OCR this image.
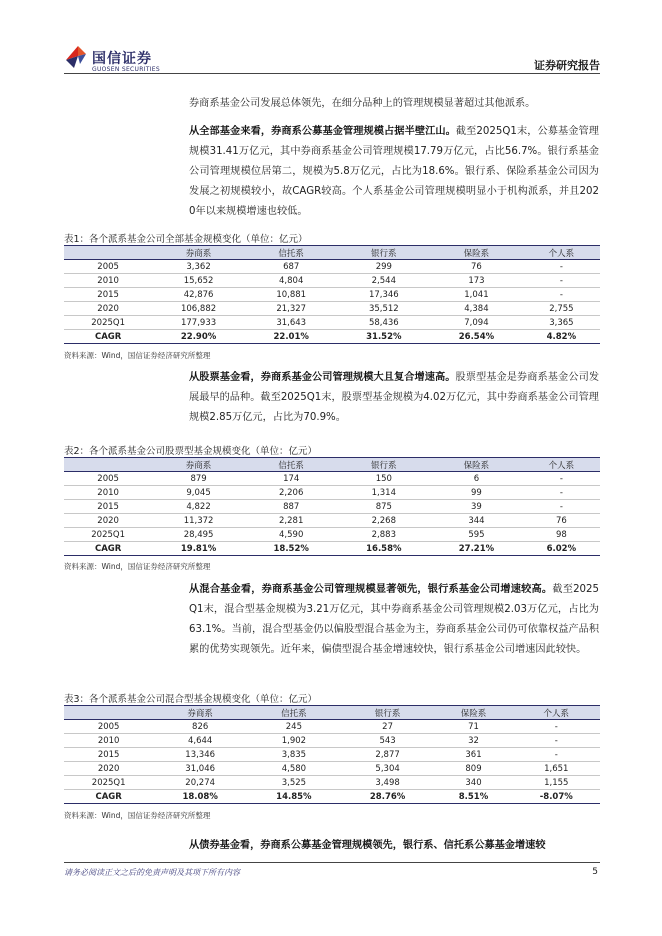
国信证券
GUOSEN SECURITIES	证券研究报告
券商系基金公司发展总体领先，在细分品种上的管理规模显著超过其他派系。
从全部基金来看，券商系公募基金管理规模占据半壁江山。截至2025Q1末，公募基金管理规模31.41万亿元，其中券商系基金公司管理规模17.79万亿元，占比56.7%。银行系基金公司管理规模位居第二，规模为5.8万亿元，占比为18.6%。银行系、保险系基金公司因为发展之初规模较小，故CAGR较高。个人系基金公司管理规模明显小于机构派系，并且2020年以来规模增速也较低。
表1：各个派系基金公司全部基金规模变化（单位：亿元）
	券商系	信托系	银行系	保险系	个人系
2005	3,362	687	299	76	-
2010	15,652	4,804	2,544	173	-
2015	42,876	10,881	17,346	1,041	-
2020	106,882	21,327	35,512	4,384	2,755
2025Q1	177,933	31,643	58,436	7,094	3,365
CAGR	22.90%	22.01%	31.52%	26.54%	4.82%
资料来源：Wind，国信证券经济研究所整理
从股票基金看，券商系基金公司管理规模大且复合增速高。股票型基金是券商系基金公司发展最早的品种。截至2025Q1末，股票型基金规模为4.02万亿元，其中券商系基金公司管理规模2.85万亿元，占比为70.9%。
表2：各个派系基金公司股票型基金规模变化（单位：亿元）
	券商系	信托系	银行系	保险系	个人系
2005	879	174	150	6	-
2010	9,045	2,206	1,314	99	-
2015	4,822	887	875	39	-
2020	11,372	2,281	2,268	344	76
2025Q1	28,495	4,590	2,883	595	98
CAGR	19.81%	18.52%	16.58%	27.21%	6.02%
资料来源：Wind，国信证券经济研究所整理
从混合基金看，券商系基金公司管理规模显著领先，银行系基金公司增速较高。截至2025Q1末，混合型基金规模为3.21万亿元，其中券商系基金公司管理规模2.03万亿元，占比为63.1%。当前，混合型基金仍以偏股型混合基金为主，券商系基金公司仍可依靠权益产品积累的优势实现领先。近年来，偏债型混合基金增速较快，银行系基金公司增速因此较快。
表3：各个派系基金公司混合型基金规模变化（单位：亿元）
	券商系	信托系	银行系	保险系	个人系
2005	826	245	27	71	-
2010	4,644	1,902	543	32	-
2015	13,346	3,835	2,877	361	-
2020	31,046	4,580	5,304	809	1,651
2025Q1	20,274	3,525	3,498	340	1,155
CAGR	18.08%	14.85%	28.76%	8.51%	-8.07%
资料来源：Wind，国信证券经济研究所整理
从债券基金看，券商系公募基金管理规模领先，银行系、信托系公募基金增速较
请务必阅读正文之后的免责声明及其项下所有内容	5
